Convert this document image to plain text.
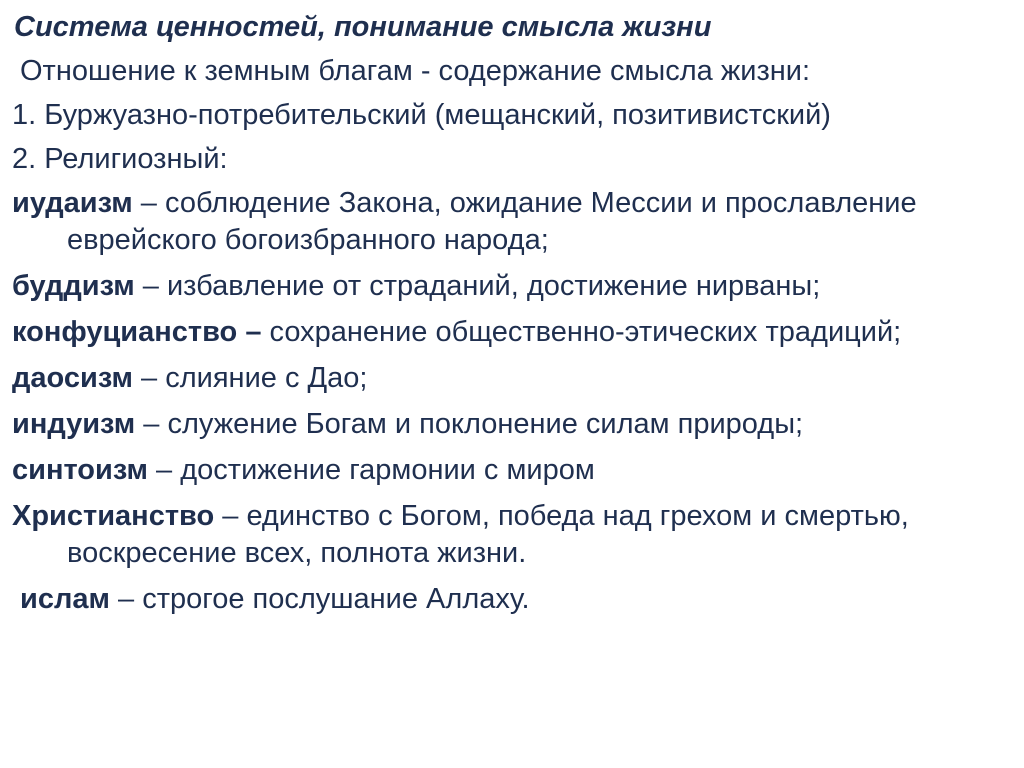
Система ценностей, понимание смысла жизни
Отношение к земным благам - содержание смысла жизни:
1. Буржуазно-потребительский (мещанский, позитивистский)
2. Религиозный:
иудаизм – соблюдение Закона, ожидание Мессии и прославление еврейского богоизбранного народа;
буддизм – избавление от страданий, достижение нирваны;
конфуцианство – сохранение общественно-этических традиций;
даосизм – слияние с Дао;
индуизм – служение Богам и поклонение силам природы;
синтоизм – достижение гармонии с миром
Христианство – единство с Богом, победа над грехом и смертью, воскресение всех, полнота жизни.
ислам – строгое послушание Аллаху.
